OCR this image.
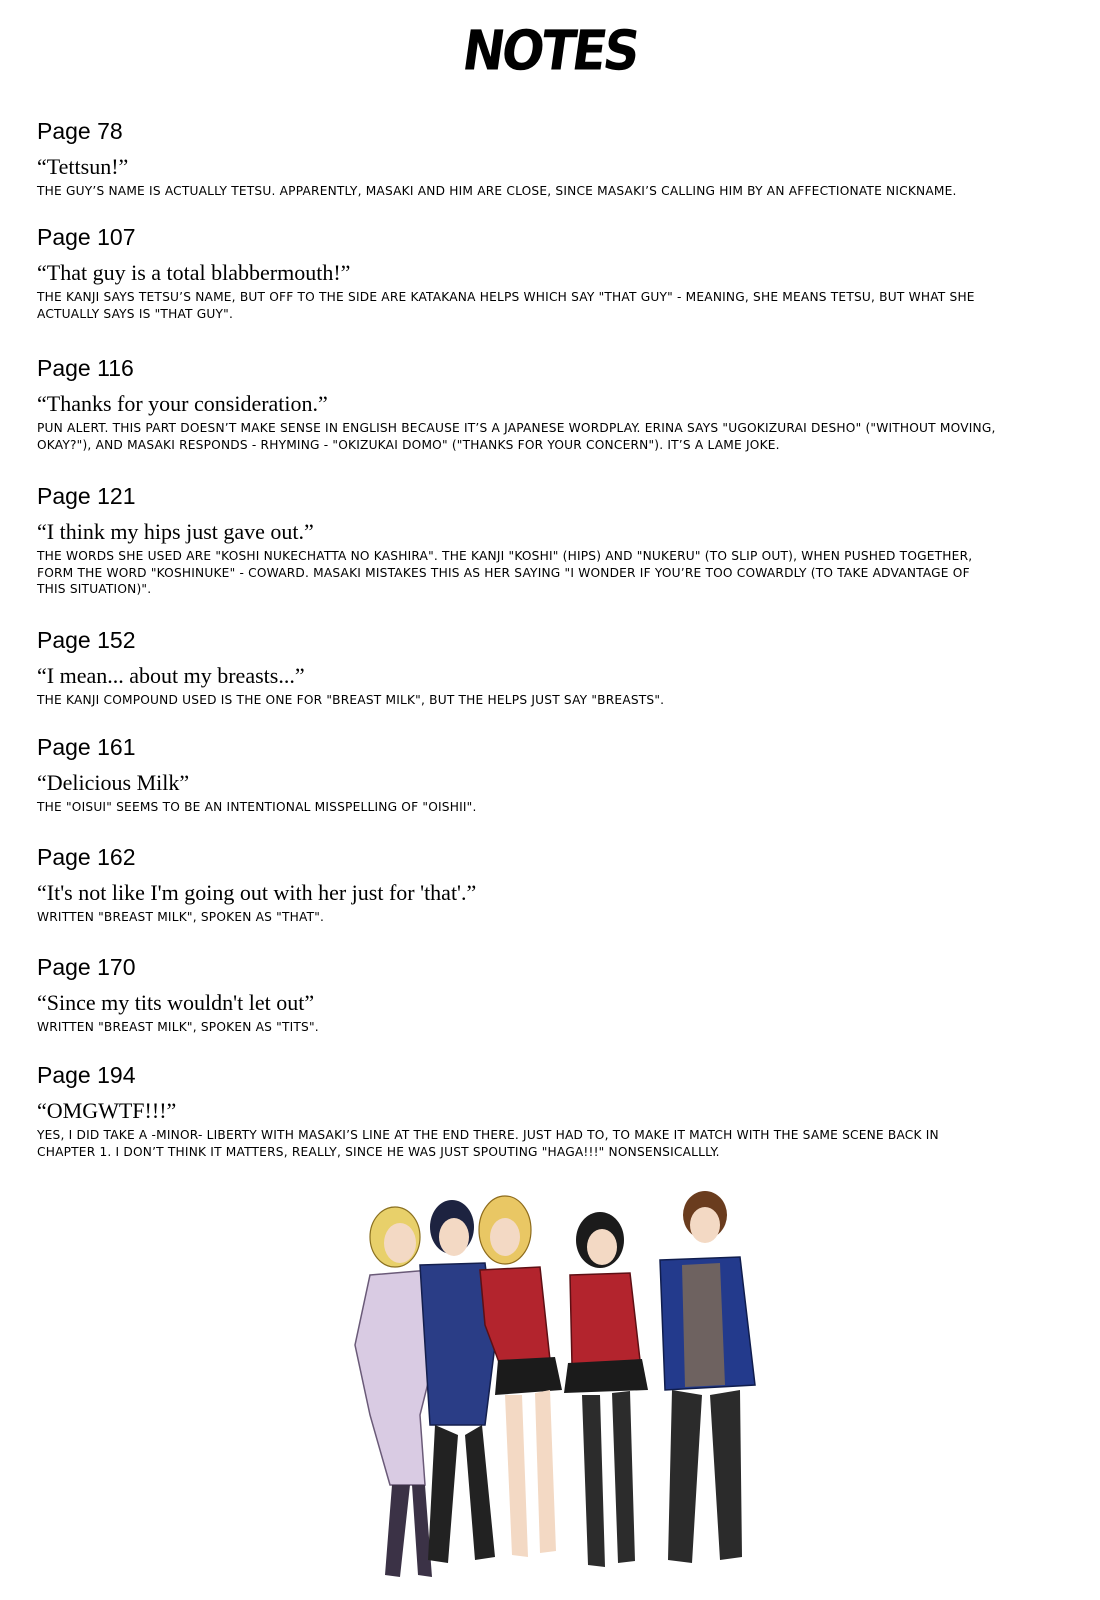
NOTES
Page 78
“Tettsun!”
THE GUY’S NAME IS ACTUALLY TETSU. APPARENTLY, MASAKI AND HIM ARE CLOSE, SINCE MASAKI’S CALLING HIM BY AN AFFECTIONATE NICKNAME.
Page 107
“That guy is a total blabbermouth!”
THE KANJI SAYS TETSU’S NAME, BUT OFF TO THE SIDE ARE KATAKANA HELPS WHICH SAY "THAT GUY" - MEANING, SHE MEANS TETSU, BUT WHAT SHE ACTUALLY SAYS IS "THAT GUY".
Page 116
“Thanks for your consideration.”
PUN ALERT. THIS PART DOESN’T MAKE SENSE IN ENGLISH BECAUSE IT’S A JAPANESE WORDPLAY. ERINA SAYS "UGOKIZURAI DESHO" ("WITHOUT MOVING, OKAY?"), AND MASAKI RESPONDS - RHYMING - "OKIZUKAI DOMO" ("THANKS FOR YOUR CONCERN"). IT’S A LAME JOKE.
Page 121
“I think my hips just gave out.”
THE WORDS SHE USED ARE "KOSHI NUKECHATTA NO KASHIRA". THE KANJI "KOSHI" (HIPS) AND "NUKERU" (TO SLIP OUT), WHEN PUSHED TOGETHER, FORM THE WORD "KOSHINUKE" - COWARD. MASAKI MISTAKES THIS AS HER SAYING "I WONDER IF YOU’RE TOO COWARDLY (TO TAKE ADVANTAGE OF THIS SITUATION)".
Page 152
“I mean... about my breasts...”
THE KANJI COMPOUND USED IS THE ONE FOR "BREAST MILK", BUT THE HELPS JUST SAY "BREASTS".
Page 161
“Delicious Milk”
THE "OISUI" SEEMS TO BE AN INTENTIONAL MISSPELLING OF "OISHII".
Page 162
“It's not like I'm going out with her just for 'that'.”
WRITTEN "BREAST MILK", SPOKEN AS "THAT".
Page 170
“Since my tits wouldn't let out”
WRITTEN "BREAST MILK", SPOKEN AS "TITS".
Page 194
“OMGWTF!!!”
YES, I DID TAKE A -MINOR- LIBERTY WITH MASAKI’S LINE AT THE END THERE. JUST HAD TO, TO MAKE IT MATCH WITH THE SAME SCENE BACK IN CHAPTER 1. I DON’T THINK IT MATTERS, REALLY, SINCE HE WAS JUST SPOUTING "HAGA!!!" NONSENSICALLLY.
